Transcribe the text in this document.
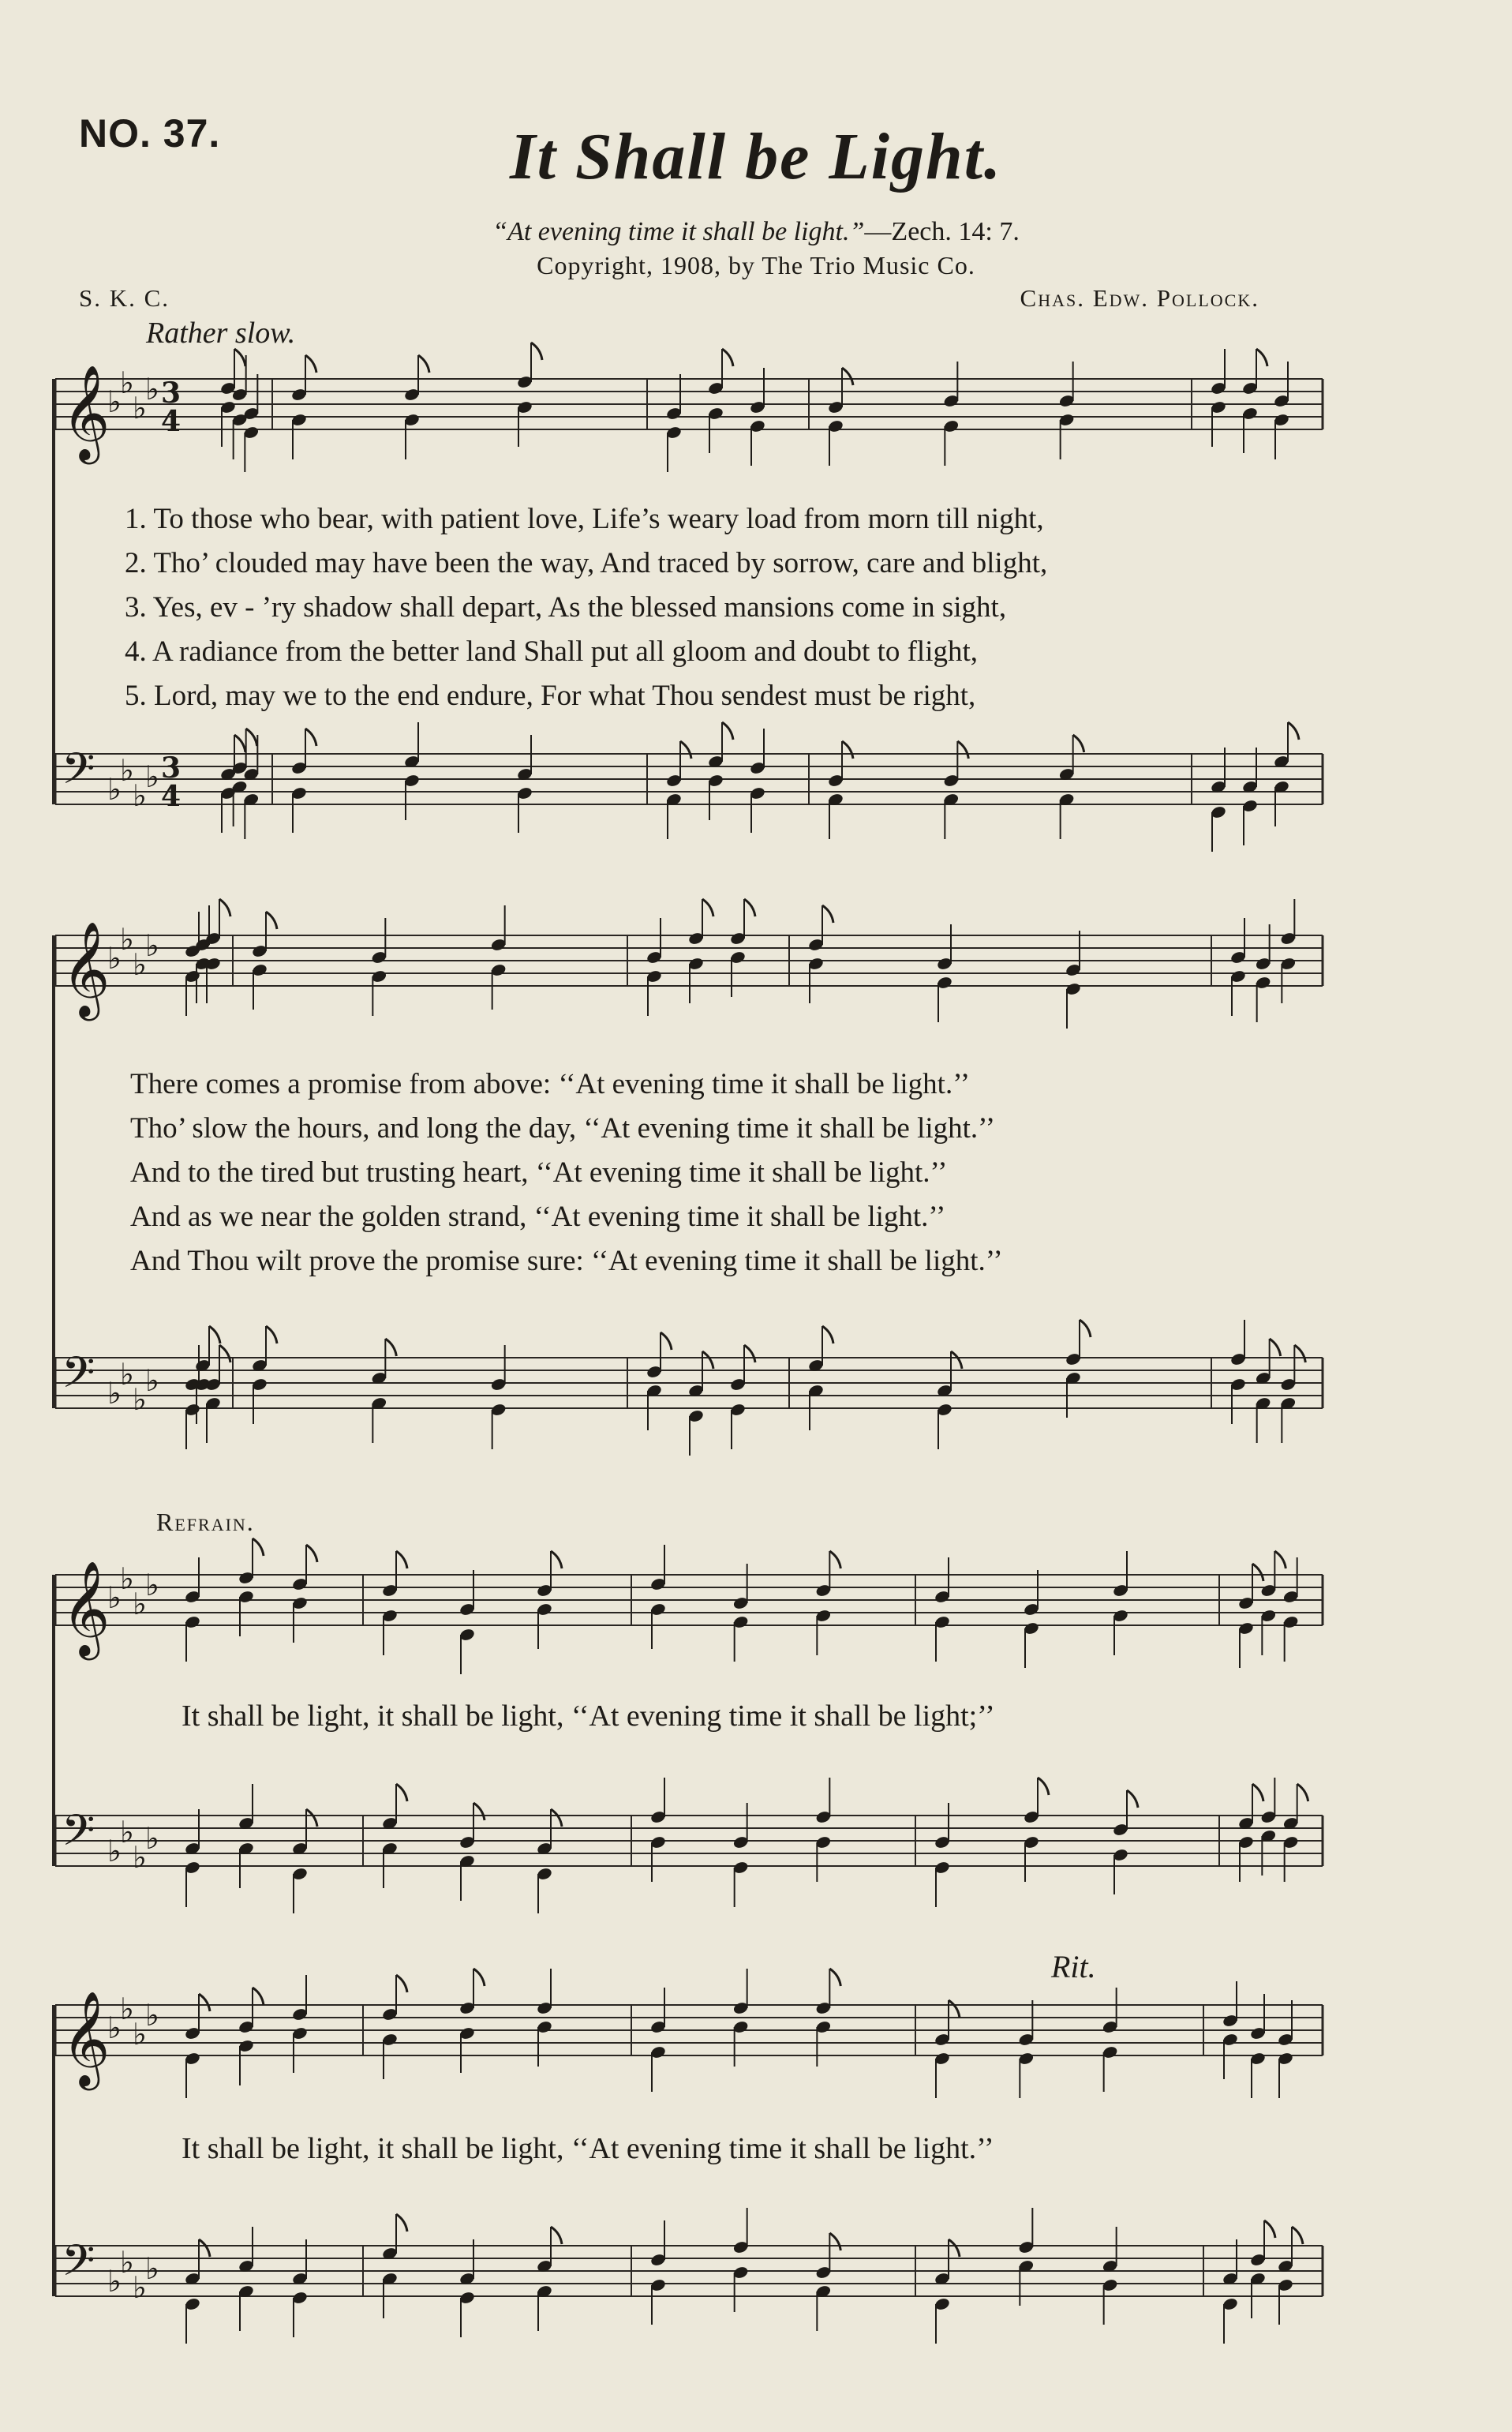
NO. 37.	It Shall be Light.
“At evening time it shall be light.”—Zech. 14: 7.
Copyright, 1908, by The Trio Music Co.
S. K. C.	Chas. Edw. Pollock.
Rather slow.
1. To those who bear, with patient love, Life’s weary load from morn till night,
2. Tho’ clouded may have been the way, And traced by sorrow, care and blight,
3. Yes, ev - ’ry shadow shall depart, As the blessed mansions come in sight,
4. A radiance from the better land Shall put all gloom and doubt to flight,
5. Lord, may we to the end endure, For what Thou sendest must be right,
There comes a promise from above: ‘‘At evening time it shall be light.’’
Tho’ slow the hours, and long the day, ‘‘At evening time it shall be light.’’
And to the tired but trusting heart, ‘‘At evening time it shall be light.’’
And as we near the golden strand, ‘‘At evening time it shall be light.’’
And Thou wilt prove the promise sure: ‘‘At evening time it shall be light.’’
Refrain.
It shall be light, it shall be light, ‘‘At evening time it shall be light;’’
Rit.
It shall be light, it shall be light, ‘‘At evening time it shall be light.’’
𝄞
♭
♭
♭
♭ 3
4
𝄢 ♭
♭
♭
♭ 3
4
𝄞
♭
♭
♭
♭
𝄢 ♭
♭
♭
♭
𝄞
♭
♭
♭
♭
𝄢 ♭
♭
♭
♭
𝄞
♭
♭
♭
♭
𝄢 ♭
♭
♭
♭
